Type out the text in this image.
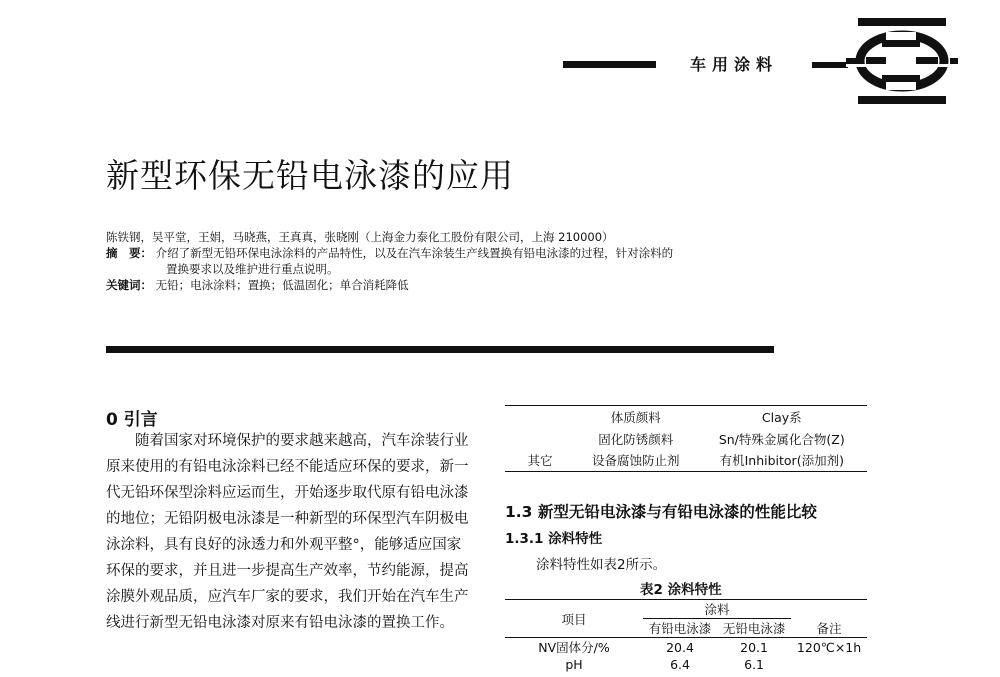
车用涂料
新型环保无铅电泳漆的应用
陈铁钢，吴平堂，王娟，马晓燕，王真真，张晓刚（上海金力泰化工股份有限公司，上海 210000）
摘　要： 介绍了新型无铅环保电泳涂料的产品特性，以及在汽车涂装生产线置换有铅电泳漆的过程，针对涂料的
置换要求以及维护进行重点说明。
关键词： 无铅；电泳涂料；置换；低温固化；单合消耗降低
0 引言
　　随着国家对环境保护的要求越来越高，汽车涂装行业原来使用的有铅电泳涂料已经不能适应环保的要求，新一代无铅环保型涂料应运而生，开始逐步取代原有铅电泳漆的地位；无铅阴极电泳漆是一种新型的环保型汽车阴极电泳涂料，具有良好的泳透力和外观平整°，能够适应国家环保的要求，并且进一步提高生产效率，节约能源，提高涂膜外观品质，应汽车厂家的要求，我们开始在汽车生产线进行新型无铅电泳漆对原来有铅电泳漆的置换工作。
	体质颜料	Clay系
	固化防锈颜料	Sn/特殊金属化合物(Z)
其它	设备腐蚀防止剂	有机Inhibitor(添加剂)
1.3 新型无铅电泳漆与有铅电泳漆的性能比较
1.3.1 涂料特性
涂料特性如表2所示。
表2 涂料特性
项目	涂料		
	有铅电泳漆	无铅电泳漆	备注
NV固体分/%	20.4	20.1	120℃×1h
pH	6.4	6.1	
